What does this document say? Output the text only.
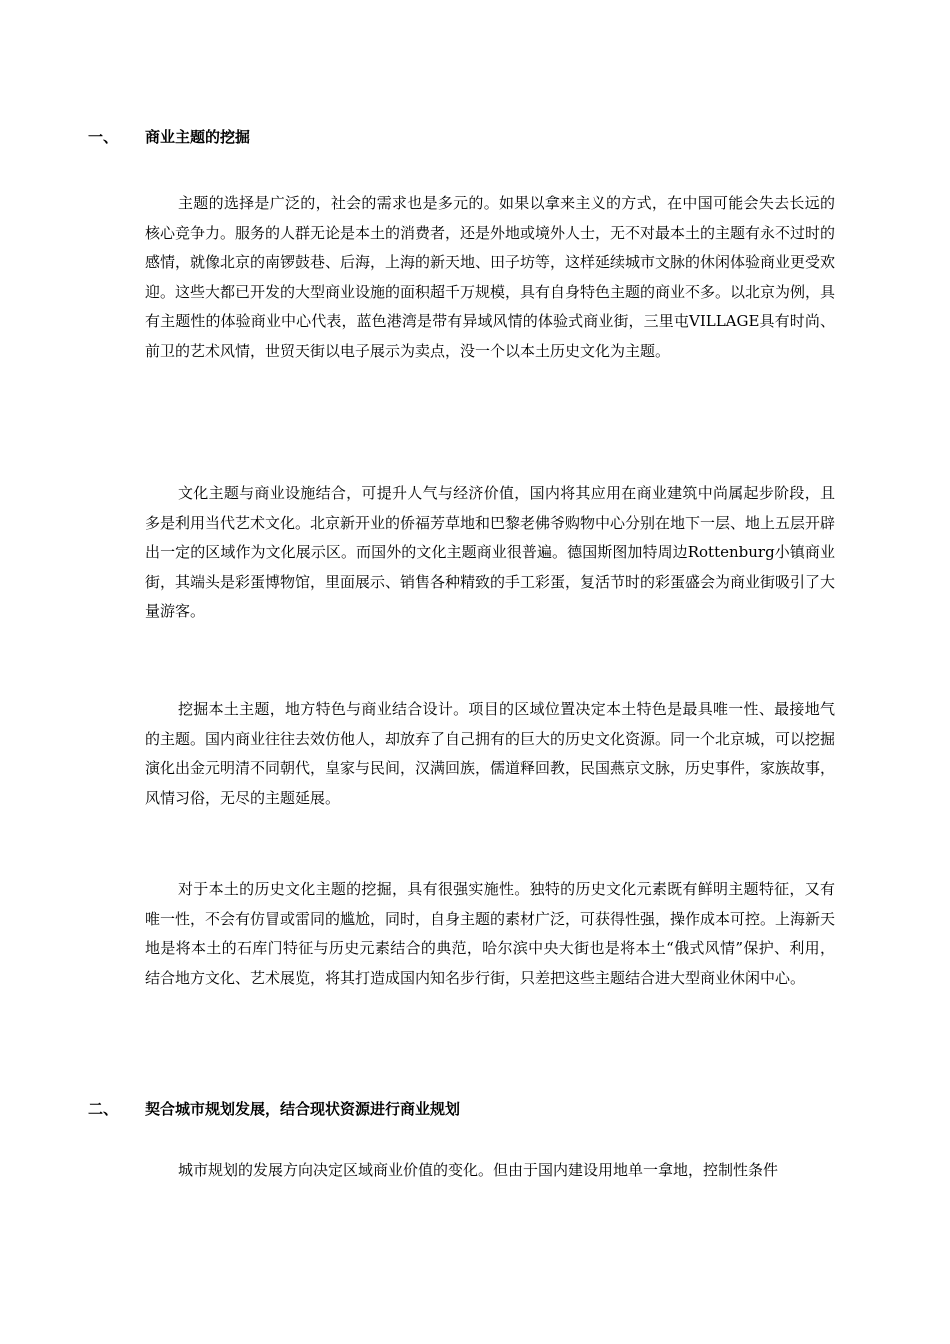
一、 商业主题的挖掘

主题的选择是广泛的，社会的需求也是多元的。如果以拿来主义的方式，在中国可能会失去长远的核心竞争力。服务的人群无论是本土的消费者，还是外地或境外人士，无不对最本土的主题有永不过时的感情，就像北京的南锣鼓巷、后海，上海的新天地、田子坊等，这样延续城市文脉的休闲体验商业更受欢迎。这些大都已开发的大型商业设施的面积超千万规模，具有自身特色主题的商业不多。以北京为例，具有主题性的体验商业中心代表，蓝色港湾是带有异域风情的体验式商业街，三里屯VILLAGE具有时尚、前卫的艺术风情，世贸天街以电子展示为卖点，没一个以本土历史文化为主题。

文化主题与商业设施结合，可提升人气与经济价值，国内将其应用在商业建筑中尚属起步阶段，且多是利用当代艺术文化。北京新开业的侨福芳草地和巴黎老佛爷购物中心分别在地下一层、地上五层开辟出一定的区域作为文化展示区。而国外的文化主题商业很普遍。德国斯图加特周边Rottenburg小镇商业街，其端头是彩蛋博物馆，里面展示、销售各种精致的手工彩蛋，复活节时的彩蛋盛会为商业街吸引了大量游客。

挖掘本土主题，地方特色与商业结合设计。项目的区域位置决定本土特色是最具唯一性、最接地气的主题。国内商业往往去效仿他人，却放弃了自己拥有的巨大的历史文化资源。同一个北京城，可以挖掘演化出金元明清不同朝代，皇家与民间，汉满回族，儒道释回教，民国燕京文脉，历史事件，家族故事，风情习俗，无尽的主题延展。

对于本土的历史文化主题的挖掘，具有很强实施性。独特的历史文化元素既有鲜明主题特征，又有唯一性，不会有仿冒或雷同的尴尬，同时，自身主题的素材广泛，可获得性强，操作成本可控。上海新天地是将本土的石库门特征与历史元素结合的典范，哈尔滨中央大街也是将本土“俄式风情”保护、利用，结合地方文化、艺术展览，将其打造成国内知名步行街，只差把这些主题结合进大型商业休闲中心。

二、 契合城市规划发展，结合现状资源进行商业规划

城市规划的发展方向决定区域商业价值的变化。但由于国内建设用地单一拿地，控制性条件
